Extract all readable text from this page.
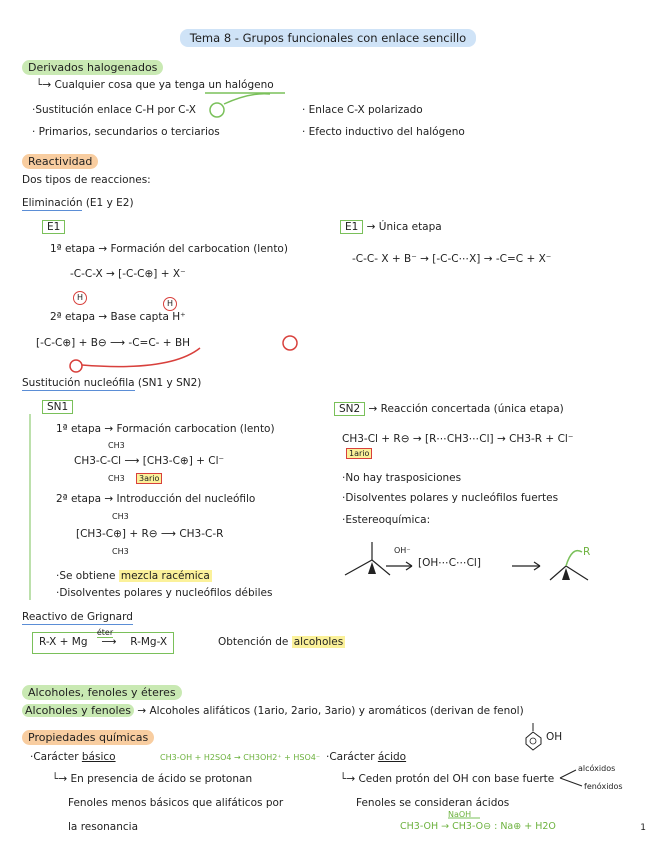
Tema 8 - Grupos funcionales con enlace sencillo
Derivados halogenados
└→ Cualquier cosa que ya tenga un halógeno
·Sustitución enlace C-H por C-X
· Primarios, secundarios o terciarios
· Enlace C-X polarizado
· Efecto inductivo del halógeno
Reactividad
Dos tipos de reacciones:
Eliminación (E1 y E2)
E1
1ª etapa → Formación del carbocation (lento)
-C-C-X → [-C-C⊕] + X⁻
H
H
2ª etapa → Base capta H⁺
[-C-C⊕] + B⊖ ⟶ -C=C- + BH
E1 → Única etapa
-C-C- X + B⁻ → [-C-C⋯X] → -C=C + X⁻
Sustitución nucleófila (SN1 y SN2)
SN1
1ª etapa → Formación carbocation (lento)
CH3
CH3-C-Cl ⟶ [CH3-C⊕] + Cl⁻
CH3	3ario
2ª etapa → Introducción del nucleófilo
CH3
[CH3-C⊕] + R⊖ ⟶ CH3-C-R
CH3
·Se obtiene mezcla racémica
·Disolventes polares y nucleófilos débiles
SN2 → Reacción concertada (única etapa)
CH3-Cl + R⊖ → [R⋯CH3⋯Cl] → CH3-R + Cl⁻
1ario
·No hay trasposiciones
·Disolventes polares y nucleófilos fuertes
·Estereoquímica:
OH⁻
[OH⋯C⋯Cl]
R
Reactivo de Grignard
R-X + Mg
éter
⟶ R-Mg-X	Obtención de alcoholes
Alcoholes, fenoles y éteres
Alcoholes y fenoles → Alcoholes alifáticos (1ario, 2ario, 3ario) y aromáticos (derivan de fenol)
Propiedades químicas	OH
·Carácter básico	CH3-OH + H2SO4 → CH3OH2⁺ + HSO4⁻
└→ En presencia de ácido se protonan
Fenoles menos básicos que alifáticos por
la resonancia
·Carácter ácido
└→ Ceden protón del OH con base fuerte
alcóxidos
fenóxidos
Fenoles se consideran ácidos
NaOH
CH3-OH → CH3-O⊖ : Na⊕ + H2O	1
